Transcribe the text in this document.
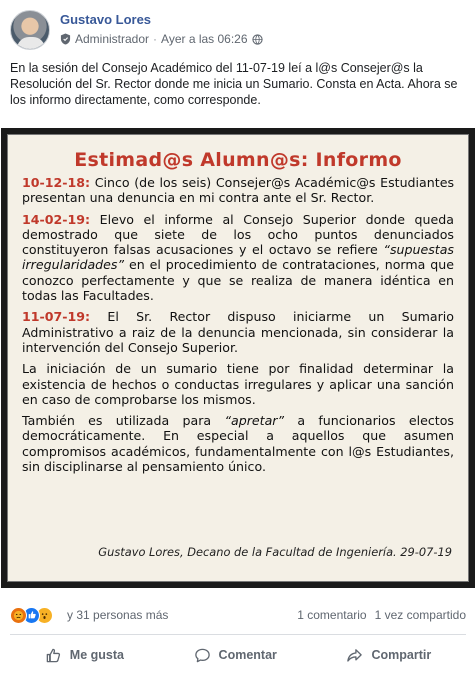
Gustavo Lores
Administrador · Ayer a las 06:26
En la sesión del Consejo Académico del 11-07-19 leí a l@s Consejer@s la Resolución del Sr. Rector donde me inicia un Sumario. Consta en Acta. Ahora se los informo directamente, como corresponde.
Estimad@s Alumn@s: Informo

10-12-18: Cinco (de los seis) Consejer@s Académic@s Estudiantes presentan una denuncia en mi contra ante el Sr. Rector.

14-02-19: Elevo el informe al Consejo Superior donde queda demostrado que siete de los ocho puntos denunciados constituyeron falsas acusaciones y el octavo se refiere “supuestas irregularidades” en el procedimiento de contrataciones, norma que conozco perfectamente y que se realiza de manera idéntica en todas las Facultades.

11-07-19: El Sr. Rector dispuso iniciarme un Sumario Administrativo a raiz de la denuncia mencionada, sin considerar la intervención del Consejo Superior.

La iniciación de un sumario tiene por finalidad determinar la existencia de hechos o conductas irregulares y aplicar una sanción en caso de comprobarse los mismos.

También es utilizada para “apretar” a funcionarios electos democráticamente. En especial a aquellos que asumen compromisos académicos, fundamentalmente con l@s Estudiantes, sin disciplinarse al pensamiento único.

Gustavo Lores, Decano de la Facultad de Ingeniería. 29-07-19
y 31 personas más	1 comentario 1 vez compartido
Me gusta	Comentar	Compartir
